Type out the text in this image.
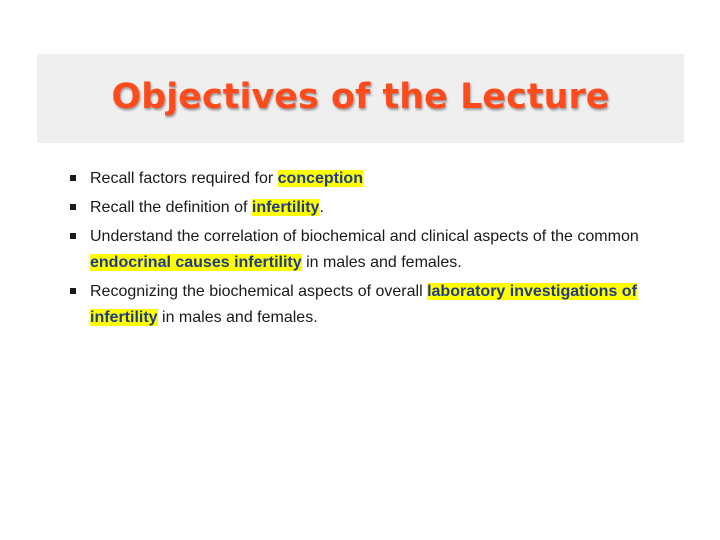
Objectives of the Lecture
Recall factors required for conception
Recall the definition of infertility.
Understand the correlation of biochemical and clinical aspects of the common endocrinal causes infertility in males and females.
Recognizing the biochemical aspects of overall laboratory investigations of infertility in males and females.
